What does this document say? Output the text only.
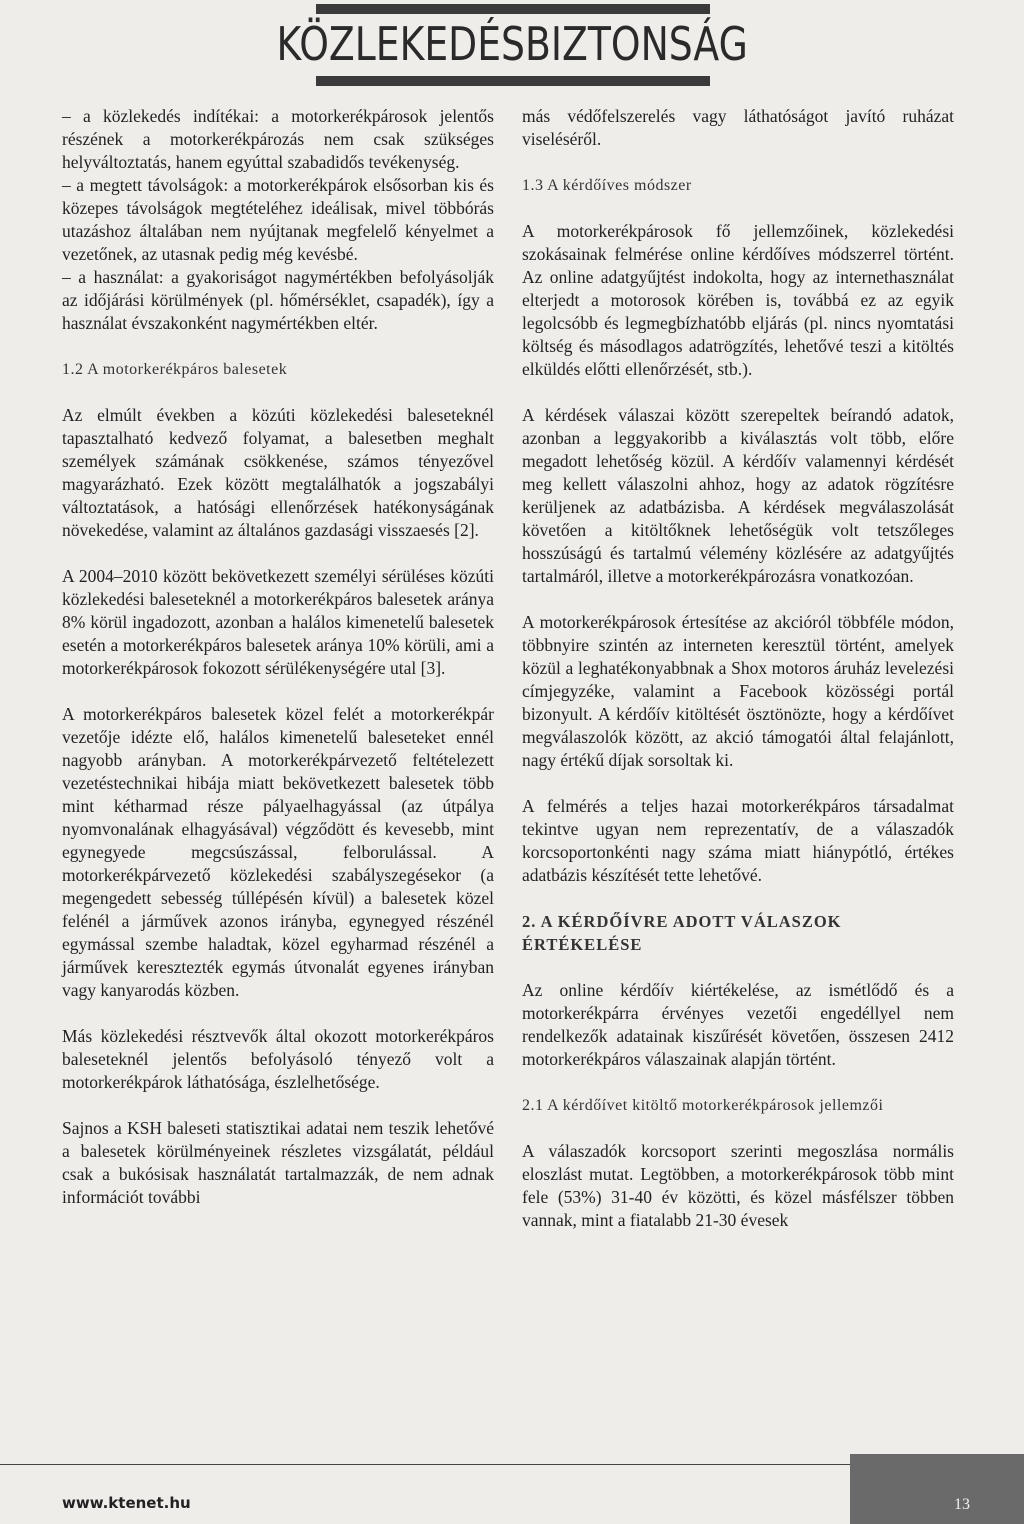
KÖZLEKEDÉSBIZTONSÁG

– a közlekedés indítékai: a motorkerékpárosok jelentős részének a motorkerékpározás nem csak szükséges helyváltoztatás, hanem egyúttal szabadidős tevékenység.

– a megtett távolságok: a motorkerékpárok elsősorban kis és közepes távolságok megtételéhez ideálisak, mivel többórás utazáshoz általában nem nyújtanak megfelelő kényelmet a vezetőnek, az utasnak pedig még kevésbé.

– a használat: a gyakoriságot nagymértékben befolyásolják az időjárási körülmények (pl. hőmérséklet, csapadék), így a használat évszakonként nagymértékben eltér.

1.2 A motorkerékpáros balesetek

Az elmúlt években a közúti közlekedési baleseteknél tapasztalható kedvező folyamat, a balesetben meghalt személyek számának csökkenése, számos tényezővel magyarázható. Ezek között megtalálhatók a jogszabályi változtatások, a hatósági ellenőrzések hatékonyságának növekedése, valamint az általános gazdasági visszaesés [2].

A 2004–2010 között bekövetkezett személyi sérüléses közúti közlekedési baleseteknél a motorkerékpáros balesetek aránya 8% körül ingadozott, azonban a halálos kimenetelű balesetek esetén a motorkerékpáros balesetek aránya 10% körüli, ami a motorkerékpárosok fokozott sérülékenységére utal [3].

A motorkerékpáros balesetek közel felét a motorkerékpár vezetője idézte elő, halálos kimenetelű baleseteket ennél nagyobb arányban. A motorkerékpárvezető feltételezett vezetéstechnikai hibája miatt bekövetkezett balesetek több mint kétharmad része pályaelhagyással (az útpálya nyomvonalának elhagyásával) végződött és kevesebb, mint egynegyede megcsúszással, felborulással. A motorkerékpárvezető közlekedési szabályszegésekor (a megengedett sebesség túllépésén kívül) a balesetek közel felénél a járművek azonos irányba, egynegyed részénél egymással szembe haladtak, közel egyharmad részénél a járművek keresztezték egymás útvonalát egyenes irányban vagy kanyarodás közben.

Más közlekedési résztvevők által okozott motorkerékpáros baleseteknél jelentős befolyásoló tényező volt a motorkerékpárok láthatósága, észlelhetősége.

Sajnos a KSH baleseti statisztikai adatai nem teszik lehetővé a balesetek körülményeinek részletes vizsgálatát, például csak a bukósisak használatát tartalmazzák, de nem adnak információt további

más védőfelszerelés vagy láthatóságot javító ruházat viseléséről.

1.3 A kérdőíves módszer

A motorkerékpárosok fő jellemzőinek, közlekedési szokásainak felmérése online kérdőíves módszerrel történt. Az online adatgyűjtést indokolta, hogy az internethasználat elterjedt a motorosok körében is, továbbá ez az egyik legolcsóbb és legmegbízhatóbb eljárás (pl. nincs nyomtatási költség és másodlagos adatrögzítés, lehetővé teszi a kitöltés elküldés előtti ellenőrzését, stb.).

A kérdések válaszai között szerepeltek beírandó adatok, azonban a leggyakoribb a kiválasztás volt több, előre megadott lehetőség közül. A kérdőív valamennyi kérdését meg kellett válaszolni ahhoz, hogy az adatok rögzítésre kerüljenek az adatbázisba. A kérdések megválaszolását követően a kitöltőknek lehetőségük volt tetszőleges hosszúságú és tartalmú vélemény közlésére az adatgyűjtés tartalmáról, illetve a motorkerékpározásra vonatkozóan.

A motorkerékpárosok értesítése az akcióról többféle módon, többnyire szintén az interneten keresztül történt, amelyek közül a leghatékonyabbnak a Shox motoros áruház levelezési címjegyzéke, valamint a Facebook közösségi portál bizonyult. A kérdőív kitöltését ösztönözte, hogy a kérdőívet megválaszolók között, az akció támogatói által felajánlott, nagy értékű díjak sorsoltak ki.

A felmérés a teljes hazai motorkerékpáros társadalmat tekintve ugyan nem reprezentatív, de a válaszadók korcsoportonkénti nagy száma miatt hiánypótló, értékes adatbázis készítését tette lehetővé.

2. A KÉRDŐÍVRE ADOTT VÁLASZOK ÉRTÉKELÉSE

Az online kérdőív kiértékelése, az ismétlődő és a motorkerékpárra érvényes vezetői engedéllyel nem rendelkezők adatainak kiszűrését követően, összesen 2412 motorkerékpáros válaszainak alapján történt.

2.1 A kérdőívet kitöltő motorkerékpárosok jellemzői

A válaszadók korcsoport szerinti megoszlása normális eloszlást mutat. Legtöbben, a motorkerékpárosok több mint fele (53%) 31-40 év közötti, és közel másfélszer többen vannak, mint a fiatalabb 21-30 évesek

www.ktenet.hu	13
